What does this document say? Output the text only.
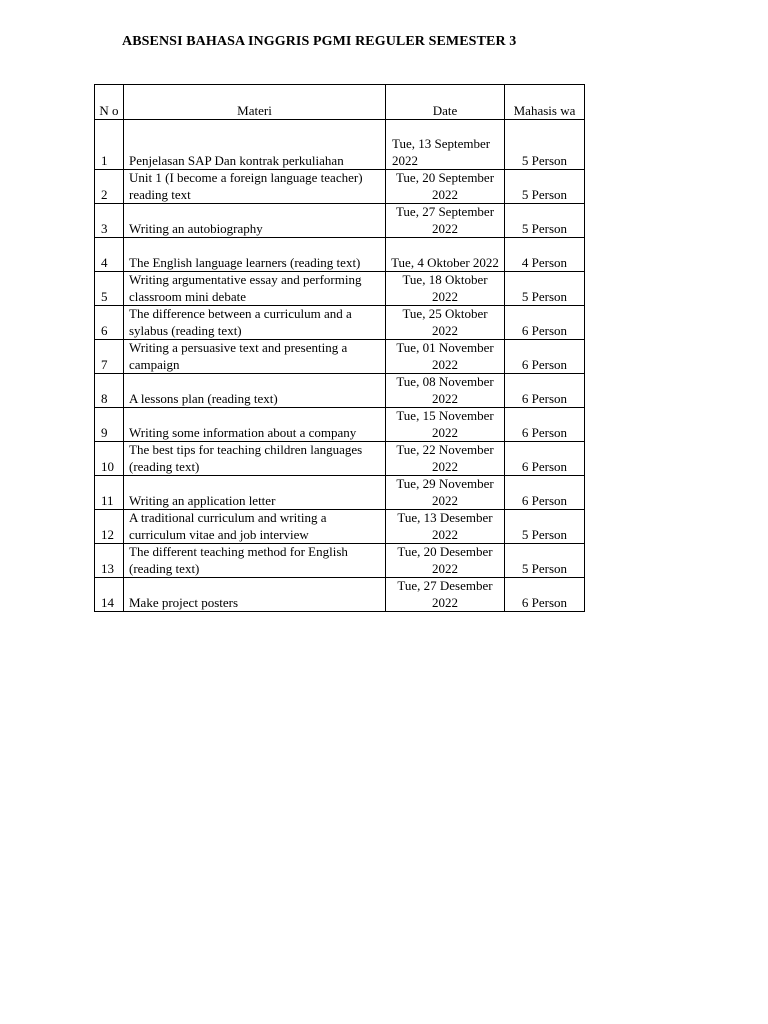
ABSENSI BAHASA INGGRIS PGMI REGULER SEMESTER 3
N o	Materi	Date	Mahasis wa
1	Penjelasan SAP Dan kontrak perkuliahan	Tue, 13 September 2022	5 Person
2	Unit 1 (I become a foreign language teacher) reading text	Tue, 20 September 2022	5 Person
3	Writing an autobiography	Tue, 27 September 2022	5 Person
4	The English language learners (reading text)	Tue, 4 Oktober 2022	4 Person
5	Writing argumentative essay and performing classroom mini debate	Tue, 18 Oktober 2022	5 Person
6	The difference between a curriculum and a sylabus (reading text)	Tue, 25 Oktober 2022	6 Person
7	Writing a persuasive text and presenting a campaign	Tue, 01 November 2022	6 Person
8	A lessons plan (reading text)	Tue, 08 November 2022	6 Person
9	Writing some information about a company	Tue, 15 November 2022	6 Person
10	The best tips for teaching children languages (reading text)	Tue, 22 November 2022	6 Person
11	Writing an application letter	Tue, 29 November 2022	6 Person
12	A traditional curriculum and writing a curriculum vitae and job interview	Tue, 13 Desember 2022	5 Person
13	The different teaching method for English (reading text)	Tue, 20 Desember 2022	5 Person
14	Make project posters	Tue, 27 Desember 2022	6 Person
